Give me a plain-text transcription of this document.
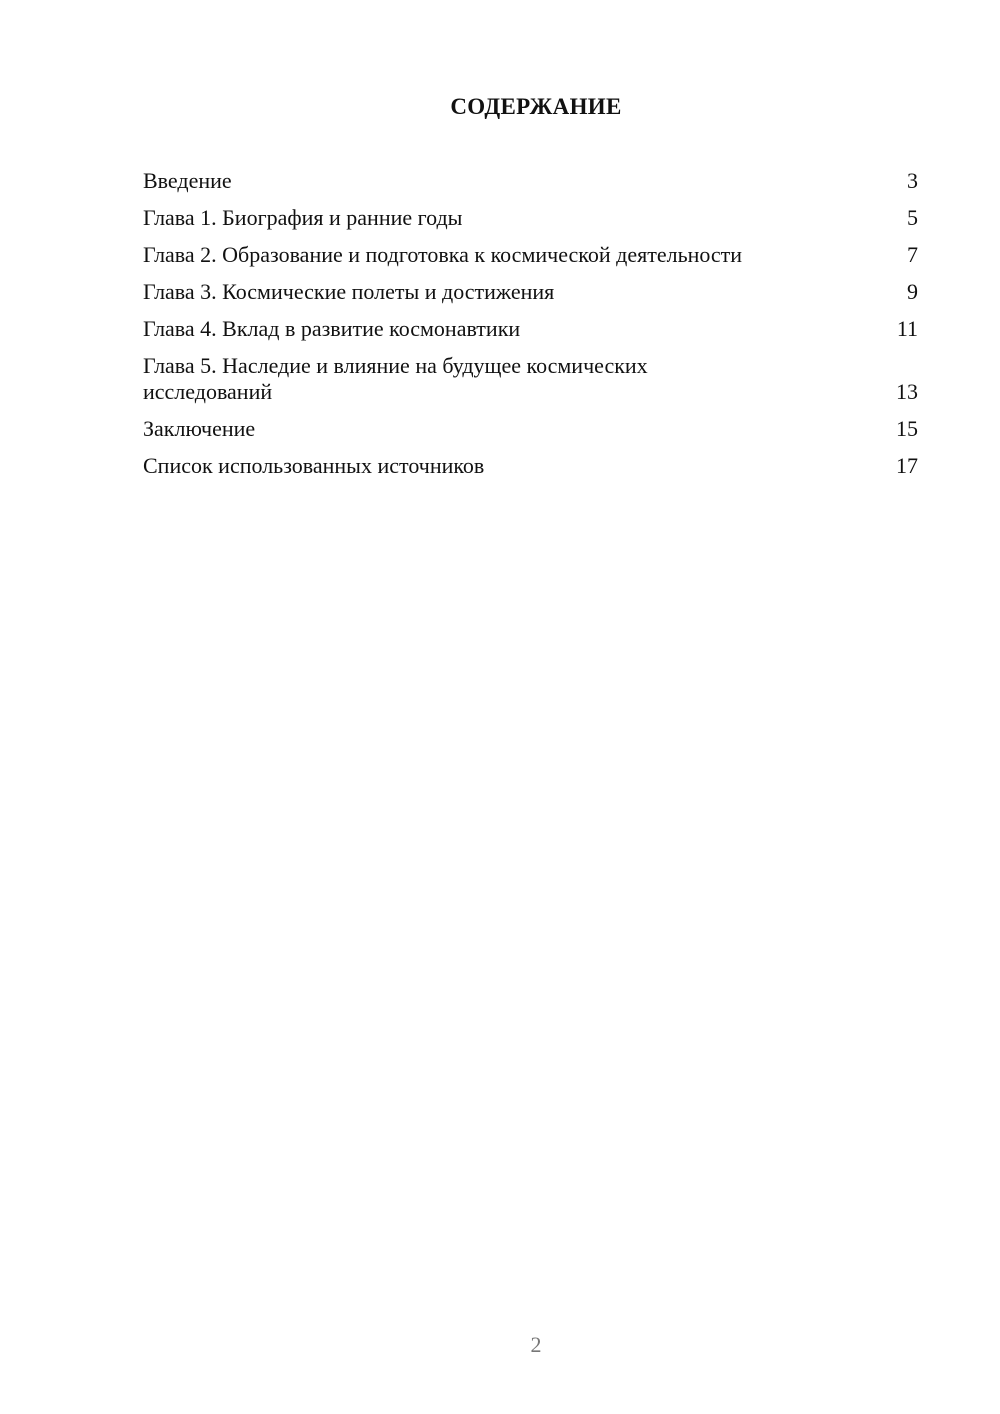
СОДЕРЖАНИЕ
Введение	3
Глава 1. Биография и ранние годы	5
Глава 2. Образование и подготовка к космической деятельности	7
Глава 3. Космические полеты и достижения	9
Глава 4. Вклад в развитие космонавтики	11
Глава 5. Наследие и влияние на будущее космических исследований	13
Заключение	15
Список использованных источников	17
2
